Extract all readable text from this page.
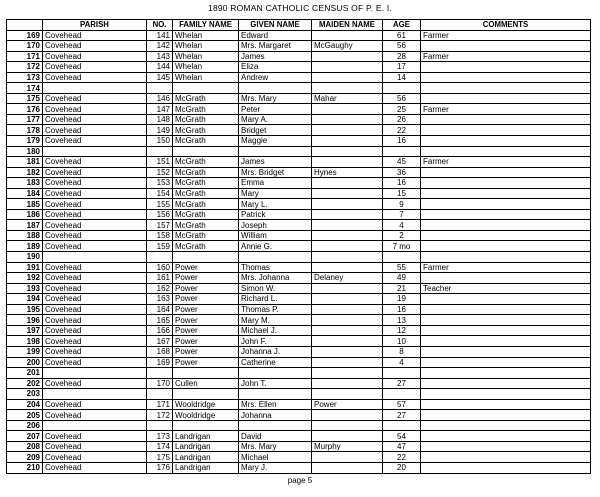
1890 ROMAN CATHOLIC CENSUS OF P. E. I.
	PARISH	NO.	FAMILY NAME	GIVEN NAME	MAIDEN NAME	AGE	COMMENTS
169	Covehead	141	Whelan	Edward		61	Farmer
170	Covehead	142	Whelan	Mrs. Margaret	McGaughy	56	
171	Covehead	143	Whelan	James		28	Farmer
172	Covehead	144	Whelan	Eliza		17	
173	Covehead	145	Whelan	Andrew		14	
174							
175	Covehead	146	McGrath	Mrs. Mary	Mahar	56	
176	Covehead	147	McGrath	Peter		25	Farmer
177	Covehead	148	McGrath	Mary A.		26	
178	Covehead	149	McGrath	Bridget		22	
179	Covehead	150	McGrath	Maggie		16	
180							
181	Covehead	151	McGrath	James		45	Farmer
182	Covehead	152	McGrath	Mrs. Bridget	Hynes	36	
183	Covehead	153	McGrath	Emma		16	
184	Covehead	154	McGrath	Mary		15	
185	Covehead	155	McGrath	Mary L.		9	
186	Covehead	156	McGrath	Patrick		7	
187	Covehead	157	McGrath	Joseph		4	
188	Covehead	158	McGrath	William		2	
189	Covehead	159	McGrath	Annie G.		7 mo	
190							
191	Covehead	160	Power	Thomas		55	Farmer
192	Covehead	161	Power	Mrs. Johanna	Delaney	49	
193	Covehead	162	Power	Simon W.		21	Teacher
194	Covehead	163	Power	Richard L.		19	
195	Covehead	164	Power	Thomas P.		16	
196	Covehead	165	Power	Mary M.		13	
197	Covehead	166	Power	Michael J.		12	
198	Covehead	167	Power	John F.		10	
199	Covehead	168	Power	Johanna J.		8	
200	Covehead	169	Power	Catherine		4	
201							
202	Covehead	170	Cullen	John T.		27	
203							
204	Covehead	171	Wooldridge	Mrs. Ellen	Power	57	
205	Covehead	172	Wooldridge	Johanna		27	
206							
207	Covehead	173	Landrigan	David		54	
208	Covehead	174	Landrigan	Mrs. Mary	Murphy	47	
209	Covehead	175	Landrigan	Michael		22	
210	Covehead	176	Landrigan	Mary J.		20	
page 5
